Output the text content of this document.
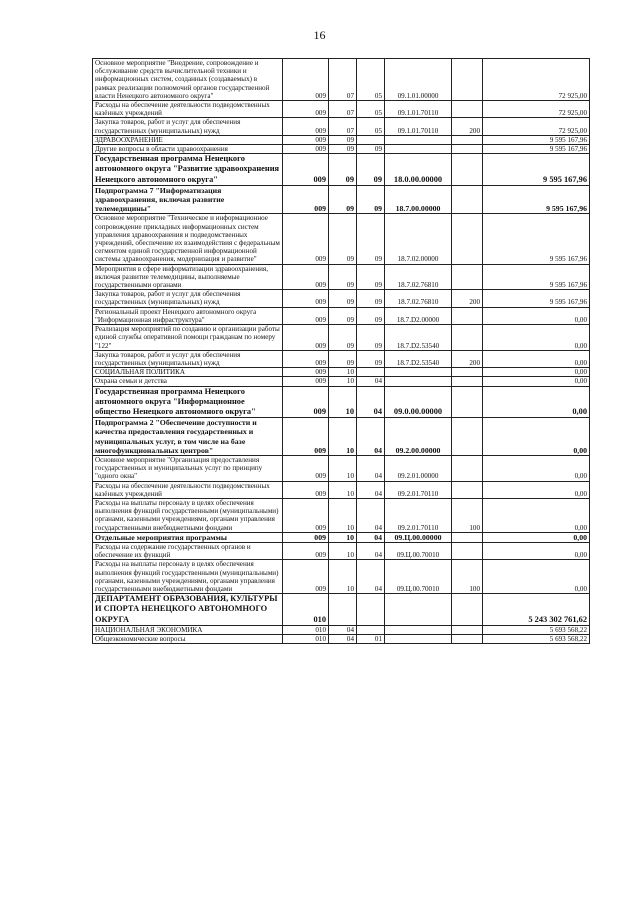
16
Основное мероприятие "Внедрение, сопровождение и обслуживание средств вычислительной техники и информационных систем, созданных (создаваемых) в рамках реализации полномочий органов государственной власти Ненецкого автономного округа"	009	07	05	09.1.01.00000		72 925,00
Расходы на обеспечение деятельности подведомственных казённых учреждений	009	07	05	09.1.01.70110		72 925,00
Закупка товаров, работ и услуг для обеспечения государственных (муниципальных) нужд	009	07	05	09.1.01.70110	200	72 925,00
ЗДРАВООХРАНЕНИЕ	009	09				9 595 167,96
Другие вопросы в области здравоохранения	009	09	09			9 595 167,96
Государственная программа Ненецкого автономного округа "Развитие здравоохранения Ненецкого автономного округа"	009	09	09	18.0.00.00000		9 595 167,96
Подпрограмма 7 "Информатизация здравоохранения, включая развитие телемедицины"	009	09	09	18.7.00.00000		9 595 167,96
Основное мероприятие "Техническое и информационное сопровождение прикладных информационных систем управления здравоохранения и подведомственных учреждений, обеспечение их взаимодействия с федеральным сегментом единой государственной информационной системы здравоохранения, модернизация и развитие"	009	09	09	18.7.02.00000		9 595 167,96
Мероприятия в сфере информатизации здравоохранения, включая развитие телемедицины, выполняемые государственными органами	009	09	09	18.7.02.76810		9 595 167,96
Закупка товаров, работ и услуг для обеспечения государственных (муниципальных) нужд	009	09	09	18.7.02.76810	200	9 595 167,96
Региональный проект Ненецкого автономного округа "Информационная инфраструктура"	009	09	09	18.7.D2.00000		0,00
Реализация мероприятий по созданию и организации работы единой службы оперативной помощи гражданам по номеру "122"	009	09	09	18.7.D2.53540		0,00
Закупка товаров, работ и услуг для обеспечения государственных (муниципальных) нужд	009	09	09	18.7.D2.53540	200	0,00
СОЦИАЛЬНАЯ ПОЛИТИКА	009	10				0,00
Охрана семьи и детства	009	10	04			0,00
Государственная программа Ненецкого автономного округа "Информационное общество Ненецкого автономного округа"	009	10	04	09.0.00.00000		0,00
Подпрограмма 2 "Обеспечение доступности и качества предоставления государственных и муниципальных услуг, в том числе на базе многофункциональных центров"	009	10	04	09.2.00.00000		0,00
Основное мероприятие "Организация предоставления государственных и муниципальных услуг по принципу "одного окна"	009	10	04	09.2.01.00000		0,00
Расходы на обеспечение деятельности подведомственных казённых учреждений	009	10	04	09.2.01.70110		0,00
Расходы на выплаты персоналу в целях обеспечения выполнения функций государственными (муниципальными) органами, казенными учреждениями, органами управления государственными внебюджетными фондами	009	10	04	09.2.01.70110	100	0,00
Отдельные мероприятия программы	009	10	04	09.Ц.00.00000		0,00
Расходы на содержание государственных органов и обеспечение их функций	009	10	04	09.Ц.00.70010		0,00
Расходы на выплаты персоналу в целях обеспечения выполнения функций государственными (муниципальными) органами, казенными учреждениями, органами управления государственными внебюджетными фондами	009	10	04	09.Ц.00.70010	100	0,00
ДЕПАРТАМЕНТ ОБРАЗОВАНИЯ, КУЛЬТУРЫ И СПОРТА НЕНЕЦКОГО АВТОНОМНОГО ОКРУГА	010					5 243 302 761,62
НАЦИОНАЛЬНАЯ ЭКОНОМИКА	010	04				5 693 568,22
Общеэкономические вопросы	010	04	01			5 693 568,22
